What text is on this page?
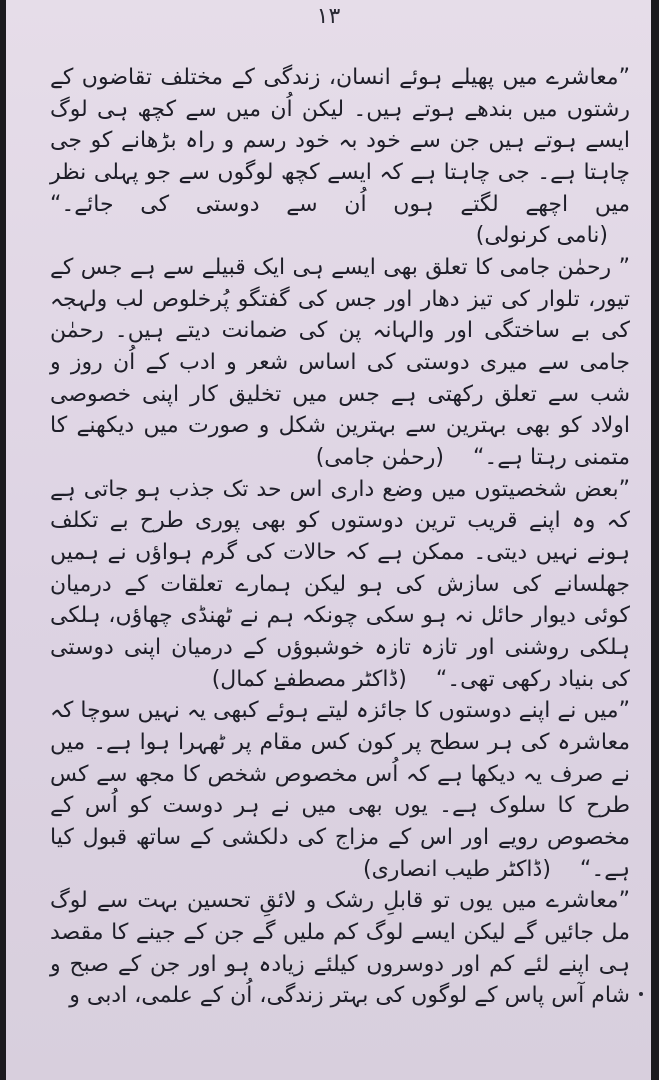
۱۳

”معاشرے میں پھیلے ہوئے انسان، زندگی کے مختلف تقاضوں کے رشتوں میں بندھے ہوتے ہیں۔ لیکن اُن میں سے کچھ ہی لوگ ایسے ہوتے ہیں جن سے خود بہ خود رسم و راہ بڑھانے کو جی چاہتا ہے۔ جی چاہتا ہے کہ ایسے کچھ لوگوں سے جو پہلی نظر میں اچھے لگتے ہوں اُن سے دوستی کی جائے۔“ (نامی کرنولی)

” رحمٰن جامی کا تعلق بھی ایسے ہی ایک قبیلے سے ہے جس کے تیور، تلوار کی تیز دھار اور جس کی گفتگو پُرخلوص لب ولہجہ کی بے ساختگی اور والہانہ پن کی ضمانت دیتے ہیں۔ رحمٰن جامی سے میری دوستی کی اساس شعر و ادب کے اُن روز و شب سے تعلق رکھتی ہے جس میں تخلیق کار اپنی خصوصی اولاد کو بھی بہترین سے بہترین شکل و صورت میں دیکھنے کا متمنی رہتا ہے۔“ (رحمٰن جامی)

”بعض شخصیتوں میں وضع داری اس حد تک جذب ہو جاتی ہے کہ وہ اپنے قریب ترین دوستوں کو بھی پوری طرح بے تکلف ہونے نہیں دیتی۔ ممکن ہے کہ حالات کی گرم ہواؤں نے ہمیں جھلسانے کی سازش کی ہو لیکن ہمارے تعلقات کے درمیان کوئی دیوار حائل نہ ہو سکی چونکہ ہم نے ٹھنڈی چھاؤں، ہلکی ہلکی روشنی اور تازہ تازہ خوشبوؤں کے درمیان اپنی دوستی کی بنیاد رکھی تھی۔“ (ڈاکٹر مصطفےٰ کمال)

”میں نے اپنے دوستوں کا جائزہ لیتے ہوئے کبھی یہ نہیں سوچا کہ معاشرہ کی ہر سطح پر کون کس مقام پر ٹھہرا ہوا ہے۔ میں نے صرف یہ دیکھا ہے کہ اُس مخصوص شخص کا مجھ سے کس طرح کا سلوک ہے۔ یوں بھی میں نے ہر دوست کو اُس کے مخصوص رویے اور اس کے مزاج کی دلکشی کے ساتھ قبول کیا ہے۔“ (ڈاکٹر طیب انصاری)

”معاشرے میں یوں تو قابلِ رشک و لائقِ تحسین بہت سے لوگ مل جائیں گے لیکن ایسے لوگ کم ملیں گے جن کے جینے کا مقصد ہی اپنے لئے کم اور دوسروں کیلئے زیادہ ہو اور جن کے صبح و شام آس پاس کے لوگوں کی بہتر زندگی، اُن کے علمی، ادبی و
